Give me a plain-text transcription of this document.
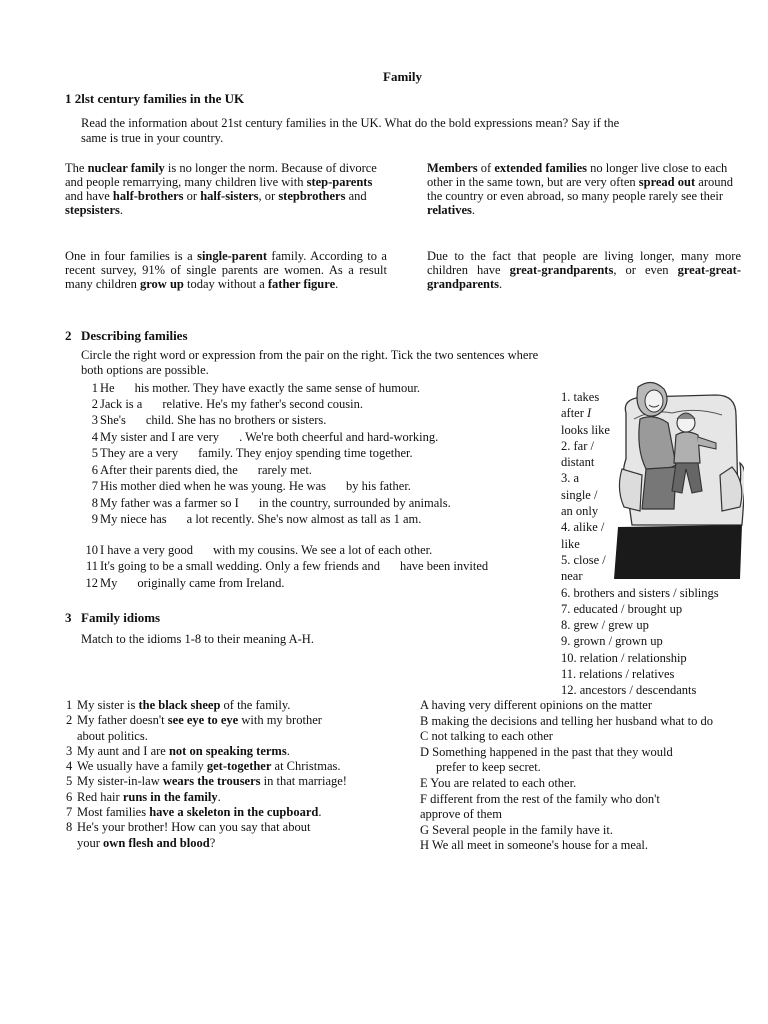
Family
1 2lst century families in the UK
Read the information about 21st century families in the UK. What do the bold expressions mean? Say if the same is true in your country.
The nuclear family is no longer the norm. Because of divorce and people remarrying, many children live with step-parents and have half-brothers or half-sisters, or stepbrothers and stepsisters.
Members of extended families no longer live close to each other in the same town, but are very often spread out around the country or even abroad, so many people rarely see their relatives.
One in four families is a single-parent family. According to a recent survey, 91% of single parents are women. As a result many children grow up today without a father figure.
Due to the fact that people are living longer, many more children have great-grandparents, or even great-great-grandparents.
2 Describing families
Circle the right word or expression from the pair on the right. Tick the two sentences where both options are possible.
1 He his mother. They have exactly the same sense of humour.
2 Jack is a relative. He's my father's second cousin.
3 She's child. She has no brothers or sisters.
4 My sister and I are very . We're both cheerful and hard-working.
5 They are a very family. They enjoy spending time together.
6 After their parents died, the rarely met.
7 His mother died when he was young. He was by his father.
8 My father was a farmer so I in the country, surrounded by animals.
9 My niece has a lot recently. She's now almost as tall as 1 am.
10 I have a very good with my cousins. We see a lot of each other.
11 It's going to be a small wedding. Only a few friends and have been invited
12 My originally came from Ireland.
1. takes
after I
looks like
2. far /
distant
3. a
single /
an only
4. alike /
like
5. close /
near
6. brothers and sisters / siblings
7. educated / brought up
8. grew / grew up
9. grown / grown up
10. relation / relationship
11. relations / relatives
12. ancestors / descendants
3 Family idioms
Match to the idioms 1-8 to their meaning A-H.
1 My sister is the black sheep of the family.
2 My father doesn't see eye to eye with my brother
about politics.
3 My aunt and I are not on speaking terms.
4 We usually have a family get-together at Christmas.
5 My sister-in-law wears the trousers in that marriage!
6 Red hair runs in the family.
7 Most families have a skeleton in the cupboard.
8 He's your brother! How can you say that about
your own flesh and blood?
A having very different opinions on the matter
B making the decisions and telling her husband what to do
C not talking to each other
D Something happened in the past that they would
prefer to keep secret.
E You are related to each other.
F different from the rest of the family who don't
approve of them
G Several people in the family have it.
H We all meet in someone's house for a meal.
